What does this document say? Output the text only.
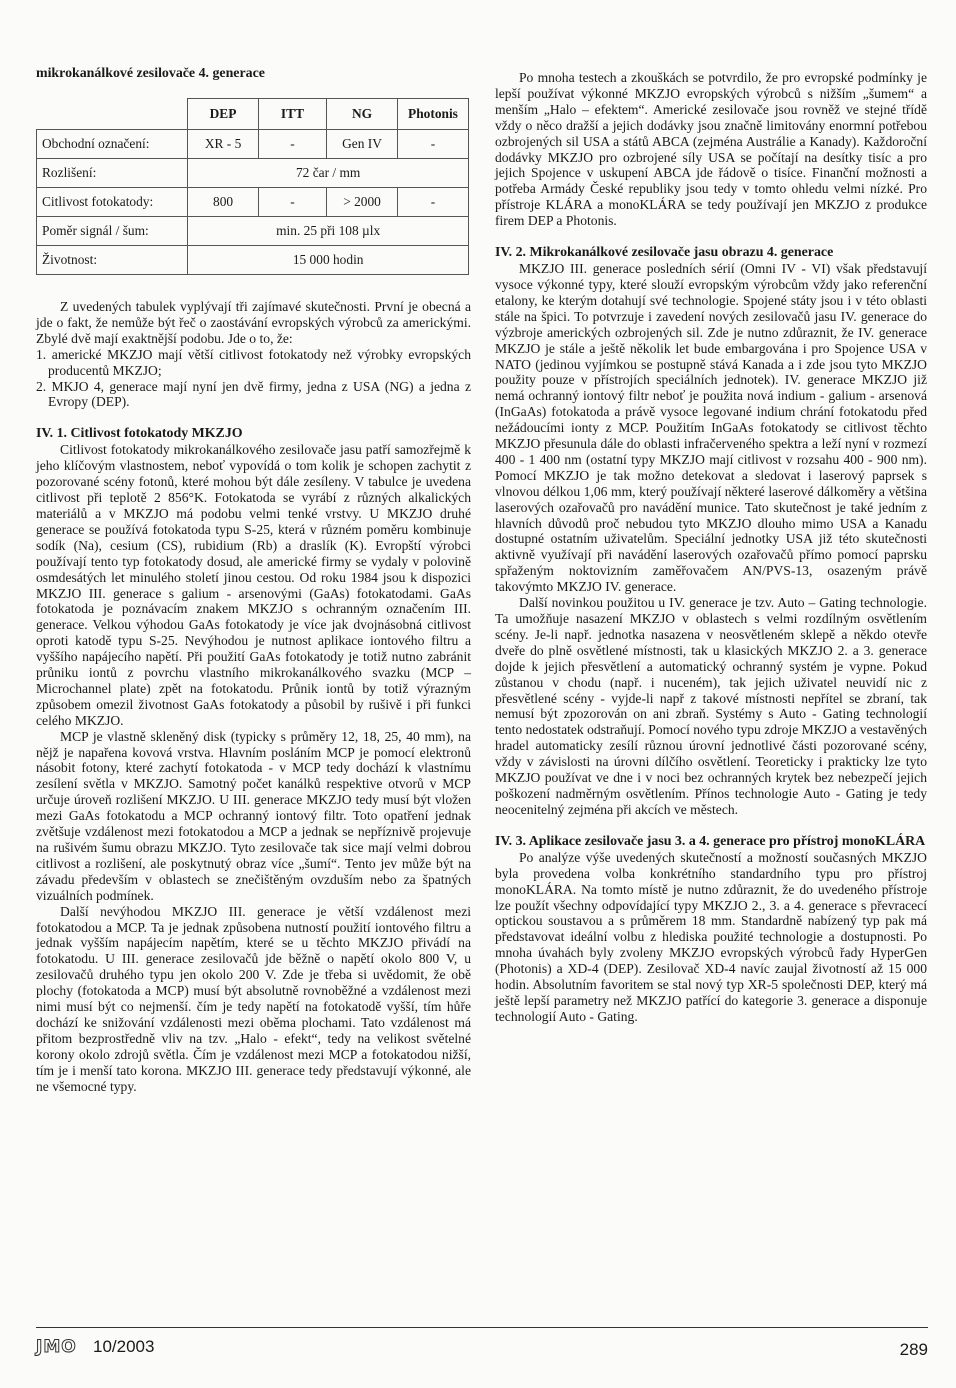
mikrokanálkové zesilovače 4. generace
	DEP	ITT	NG	Photonis
Obchodní označení:	XR - 5	-	Gen IV	-
Rozlišení:	72 čar / mm			
Citlivost fotokatody:	800	-	> 2000	-
Poměr signál / šum:	min. 25 při 108 µlx			
Životnost:	15 000 hodin			

Z uvedených tabulek vyplývají tři zajímavé skutečnosti. První je obecná a jde o fakt, že nemůže být řeč o zaostávání evropských výrobců za americkými. Zbylé dvě mají exaktnější podobu. Jde o to, že:

1. americké MKZJO mají větší citlivost fotokatody než výrobky evropských producentů MKZJO;
2. MKJO 4, generace mají nyní jen dvě firmy, jedna z USA (NG) a jedna z Evropy (DEP).
IV. 1. Citlivost fotokatody MKZJO

Citlivost fotokatody mikrokanálkového zesilovače jasu patří samozřejmě k jeho klíčovým vlastnostem, neboť vypovídá o tom kolik je schopen zachytit z pozorované scény fotonů, které mohou být dále zesíleny. V tabulce je uvedena citlivost při teplotě 2 856°K. Fotokatoda se vyrábí z různých alkalických materiálů a v MKZJO má podobu velmi tenké vrstvy. U MKZJO druhé generace se používá fotokatoda typu S-25, která v různém poměru kombinuje sodík (Na), cesium (CS), rubidium (Rb) a draslík (K). Evropští výrobci používají tento typ fotokatody dosud, ale americké firmy se vydaly v polovině osmdesátých let minulého století jinou cestou. Od roku 1984 jsou k dispozici MKZJO III. generace s galium - arsenovými (GaAs) fotokatodami. GaAs fotokatoda je poznávacím znakem MKZJO s ochranným označením III. generace. Velkou výhodou GaAs fotokatody je více jak dvojnásobná citlivost oproti katodě typu S-25. Nevýhodou je nutnost aplikace iontového filtru a vyššího napájecího napětí. Při použití GaAs fotokatody je totiž nutno zabránit průniku iontů z povrchu vlastního mikrokanálkového svazku (MCP – Microchannel plate) zpět na fotokatodu. Průnik iontů by totiž výrazným způsobem omezil životnost GaAs fotokatody a působil by rušivě i při funkci celého MKZJO.

MCP je vlastně skleněný disk (typicky s průměry 12, 18, 25, 40 mm), na nějž je napařena kovová vrstva. Hlavním posláním MCP je pomocí elektronů násobit fotony, které zachytí fotokatoda - v MCP tedy dochází k vlastnímu zesílení světla v MKZJO. Samotný počet kanálků respektive otvorů v MCP určuje úroveň rozlišení MKZJO. U III. generace MKZJO tedy musí být vložen mezi GaAs fotokatodu a MCP ochranný iontový filtr. Toto opatření jednak zvětšuje vzdálenost mezi fotokatodou a MCP a jednak se nepříznivě projevuje na rušivém šumu obrazu MKZJO. Tyto zesilovače tak sice mají velmi dobrou citlivost a rozlišení, ale poskytnutý obraz více „šumí“. Tento jev může být na závadu především v oblastech se znečištěným ovzduším nebo za špatných vizuálních podmínek.

Další nevýhodou MKZJO III. generace je větší vzdálenost mezi fotokatodou a MCP. Ta je jednak způsobena nutností použití iontového filtru a jednak vyšším napájecím napětím, které se u těchto MKZJO přivádí na fotokatodu. U III. generace zesilovačů jde běžně o napětí okolo 800 V, u zesilovačů druhého typu jen okolo 200 V. Zde je třeba si uvědomit, že obě plochy (fotokatoda a MCP) musí být absolutně rovnoběžné a vzdálenost mezi nimi musí být co nejmenší. čím je tedy napětí na fotokatodě vyšší, tím hůře dochází ke snižování vzdálenosti mezi oběma plochami. Tato vzdálenost má přitom bezprostředně vliv na tzv. „Halo - efekt“, tedy na velikost světelné korony okolo zdrojů světla. Čím je vzdálenost mezi MCP a fotokatodou nižší, tím je i menší tato korona. MKZJO III. generace tedy představují výkonné, ale ne všemocné typy.

Po mnoha testech a zkouškách se potvrdilo, že pro evropské podmínky je lepší používat výkonné MKZJO evropských výrobců s nižším „šumem“ a menším „Halo – efektem“. Americké zesilovače jsou rovněž ve stejné třídě vždy o něco dražší a jejich dodávky jsou značně limitovány enormní potřebou ozbrojených sil USA a států ABCA (zejména Austrálie a Kanady). Každoroční dodávky MKZJO pro ozbrojené síly USA se počítají na desítky tisíc a pro jejich Spojence v uskupení ABCA jde řádově o tisíce. Finanční možnosti a potřeba Armády České republiky jsou tedy v tomto ohledu velmi nízké. Pro přístroje KLÁRA a monoKLÁRA se tedy používají jen MKZJO z produkce firem DEP a Photonis.

IV. 2. Mikrokanálkové zesilovače jasu obrazu 4. generace

MKZJO III. generace posledních sérií (Omni IV - VI) však představují vysoce výkonné typy, které slouží evropským výrobcům vždy jako referenční etalony, ke kterým dotahují své technologie. Spojené státy jsou i v této oblasti stále na špici. To potvrzuje i zavedení nových zesilovačů jasu IV. generace do výzbroje amerických ozbrojených sil. Zde je nutno zdůraznit, že IV. generace MKZJO je stále a ještě několik let bude embargována i pro Spojence USA v NATO (jedinou vyjímkou se postupně stává Kanada a i zde jsou tyto MKZJO použity pouze v přístrojích speciálních jednotek). IV. generace MKZJO již nemá ochranný iontový filtr neboť je použita nová indium - galium - arsenová (InGaAs) fotokatoda a právě vysoce legované indium chrání fotokatodu před nežádoucími ionty z MCP. Použitím InGaAs fotokatody se citlivost těchto MKZJO přesunula dále do oblasti infračerveného spektra a leží nyní v rozmezí 400 - 1 400 nm (ostatní typy MKZJO mají citlivost v rozsahu 400 - 900 nm). Pomocí MKZJO je tak možno detekovat a sledovat i laserový paprsek s vlnovou délkou 1,06 mm, který používají některé laserové dálkoměry a většina laserových ozařovačů pro navádění munice. Tato skutečnost je také jedním z hlavních důvodů proč nebudou tyto MKZJO dlouho mimo USA a Kanadu dostupné ostatním uživatelům. Speciální jednotky USA již této skutečnosti aktivně využívají při navádění laserových ozařovačů přímo pomocí paprsku spřaženým noktovizním zaměřovačem AN/PVS-13, osazeným právě takovýmto MKZJO IV. generace.

Další novinkou použitou u IV. generace je tzv. Auto – Gating technologie. Ta umožňuje nasazení MKZJO v oblastech s velmi rozdílným osvětlením scény. Je-li např. jednotka nasazena v neosvětleném sklepě a někdo otevře dveře do plně osvětlené místnosti, tak u klasických MKZJO 2. a 3. generace dojde k jejich přesvětlení a automatický ochranný systém je vypne. Pokud zůstanou v chodu (např. i nuceném), tak jejich uživatel neuvidí nic z přesvětlené scény - vyjde-li např z takové místnosti nepřítel se zbraní, tak nemusí být zpozorován on ani zbraň. Systémy s Auto - Gating technologií tento nedostatek odstraňují. Pomocí nového typu zdroje MKZJO a vestavěných hradel automaticky zesílí různou úrovní jednotlivé části pozorované scény, vždy v závislosti na úrovni dílčího osvětlení. Teoreticky i prakticky lze tyto MKZJO používat ve dne i v noci bez ochranných krytek bez nebezpečí jejich poškození nadměrným osvětlením. Přínos technologie Auto - Gating je tedy neocenitelný zejména při akcích ve městech.

IV. 3. Aplikace zesilovače jasu 3. a 4. generace pro přístroj monoKLÁRA

Po analýze výše uvedených skutečností a možností současných MKZJO byla provedena volba konkrétního standardního typu pro přístroj monoKLÁRA. Na tomto místě je nutno zdůraznit, že do uvedeného přístroje lze použít všechny odpovídající typy MKZJO 2., 3. a 4. generace s převracecí optickou soustavou a s průměrem 18 mm. Standardně nabízený typ pak má představovat ideální volbu z hlediska použité technologie a dostupnosti. Po mnoha úvahách byly zvoleny MKZJO evropských výrobců řady HyperGen (Photonis) a XD-4 (DEP). Zesilovač XD-4 navíc zaujal životností až 15 000 hodin. Absolutním favoritem se stal nový typ XR-5 společnosti DEP, který má ještě lepší parametry než MKZJO patřící do kategorie 3. generace a disponuje technologií Auto - Gating.

JMO 10/2003	289
